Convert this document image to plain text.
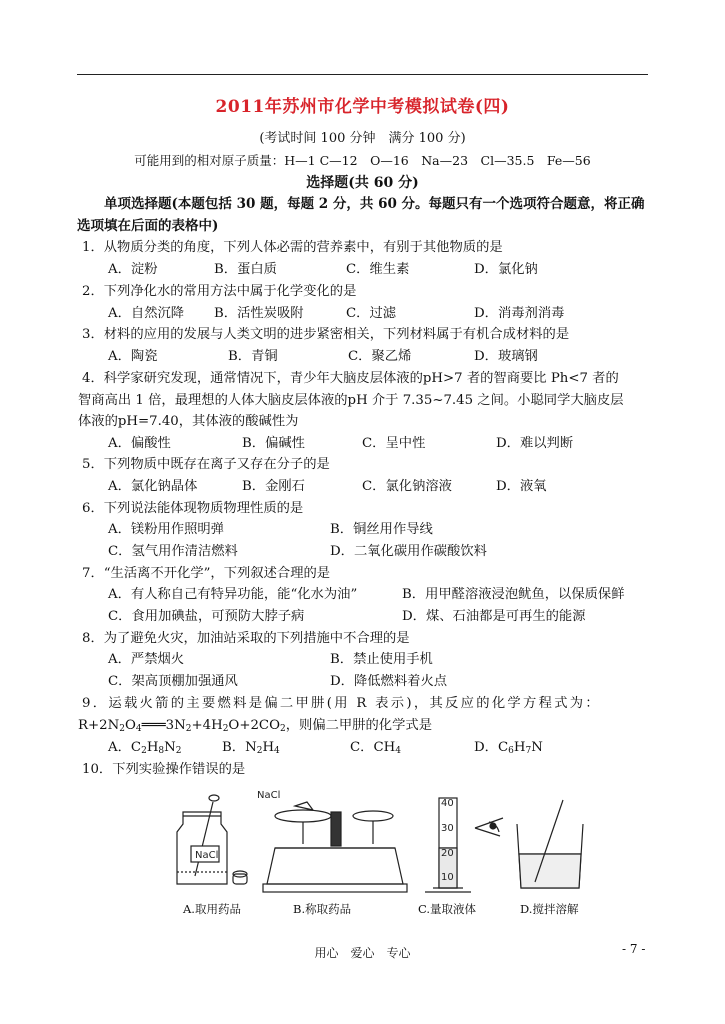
2011年苏州市化学中考模拟试卷(四)
(考试时间 100 分钟　满分 100 分)
可能用到的相对原子质量：H—1 C—12　O—16　Na—23　Cl—35.5　Fe—56
选择题(共 60 分)
单项选择题(本题包括 30 题，每题 2 分，共 60 分。每题只有一个选项符合题意，将正确选项填在后面的表格中)
1．从物质分类的角度，下列人体必需的营养素中，有别于其他物质的是
A．淀粉	B．蛋白质	C．维生素	D．氯化钠
2．下列净化水的常用方法中属于化学变化的是
A．自然沉降 B．活性炭吸附	C．过滤	D．消毒剂消毒
3．材料的应用的发展与人类文明的进步紧密相关，下列材料属于有机合成材料的是
A．陶瓷	B．青铜	C．聚乙烯	D．玻璃钢
4．科学家研究发现，通常情况下，青少年大脑皮层体液的pH>7 者的智商要比 Ph<7 者的
智商高出 1 倍，最理想的人体大脑皮层体液的pH 介于 7.35~7.45 之间。小聪同学大脑皮层
体液的pH=7.40，其体液的酸碱性为
A．偏酸性	B．偏碱性	C．呈中性	D．难以判断
5．下列物质中既存在离子又存在分子的是
A．氯化钠晶体	B．金刚石	C．氯化钠溶液	D．液氧
6．下列说法能体现物质物理性质的是
A．镁粉用作照明弹	B．铜丝用作导线
C．氢气用作清洁燃料	D．二氧化碳用作碳酸饮料
7．“生活离不开化学”，下列叙述合理的是
A．有人称自己有特异功能，能“化水为油”	B．用甲醛溶液浸泡鱿鱼，以保质保鲜
C．食用加碘盐，可预防大脖子病	D．煤、石油都是可再生的能源
8．为了避免火灾，加油站采取的下列措施中不合理的是
A．严禁烟火	B．禁止使用手机
C．架高顶棚加强通风	D．降低燃料着火点
9．运载火箭的主要燃料是偏二甲肼(用 R 表示)，其反应的化学方程式为：
$R+2N_2O_4═══3N_2+4H_2O+2CO_2$，则偏二甲肼的化学式是
A．$C_2H_8N_2$	B．$N_2H_4$	C．$CH_4$	D．$C_6H_7N$
10．下列实验操作错误的是
NaCl
NaCl
40
30
20
10
A.取用药品	B.称取药品	C.量取液体	D.搅拌溶解
用心　爱心　专心	- 7 -
